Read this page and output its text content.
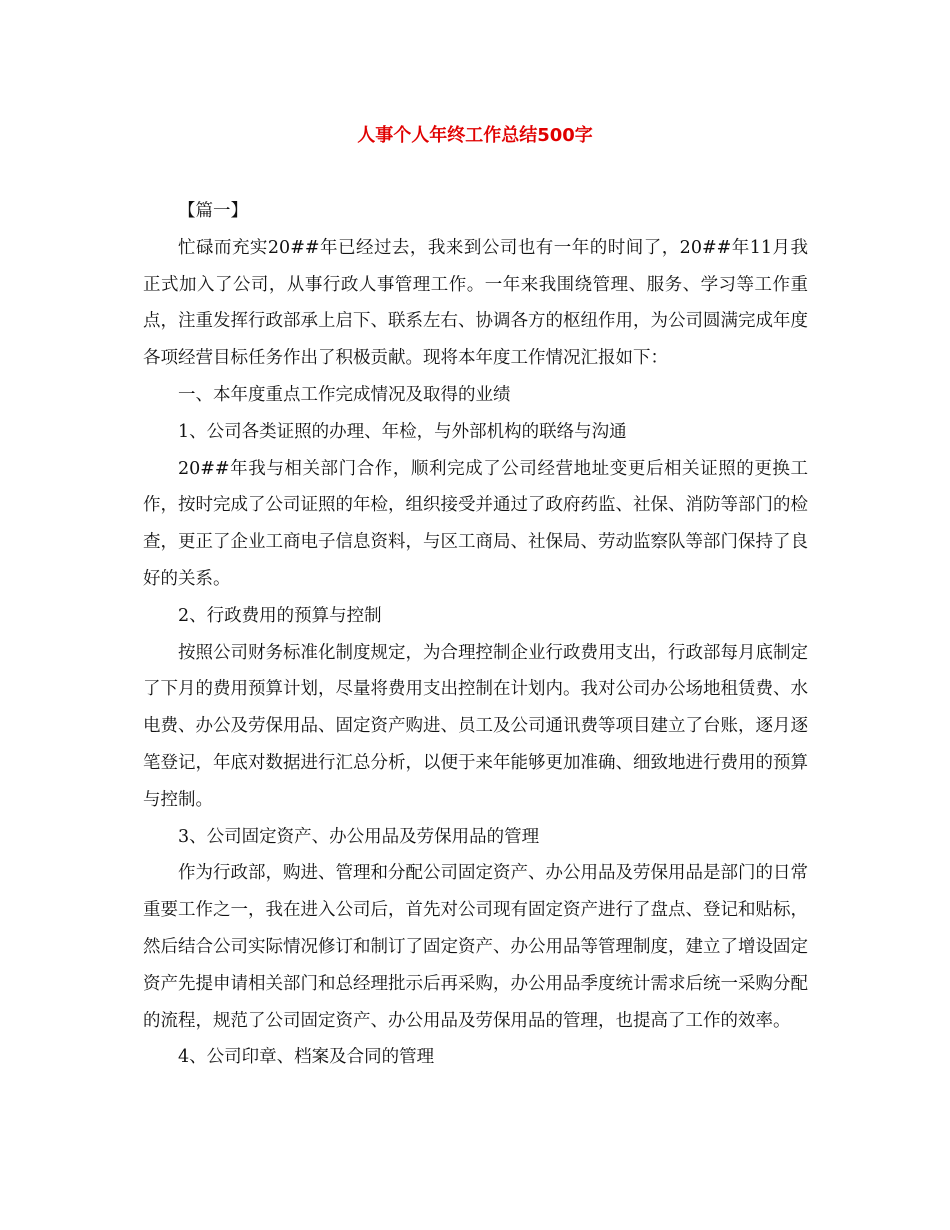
人事个人年终工作总结500字

【篇一】

忙碌而充实20##年已经过去，我来到公司也有一年的时间了，20##年11月我正式加入了公司，从事行政人事管理工作。一年来我围绕管理、服务、学习等工作重点，注重发挥行政部承上启下、联系左右、协调各方的枢纽作用，为公司圆满完成年度各项经营目标任务作出了积极贡献。现将本年度工作情况汇报如下：

一、本年度重点工作完成情况及取得的业绩

1、公司各类证照的办理、年检，与外部机构的联络与沟通

20##年我与相关部门合作，顺利完成了公司经营地址变更后相关证照的更换工作，按时完成了公司证照的年检，组织接受并通过了政府药监、社保、消防等部门的检查，更正了企业工商电子信息资料，与区工商局、社保局、劳动监察队等部门保持了良好的关系。

2、行政费用的预算与控制

按照公司财务标准化制度规定，为合理控制企业行政费用支出，行政部每月底制定了下月的费用预算计划，尽量将费用支出控制在计划内。我对公司办公场地租赁费、水电费、办公及劳保用品、固定资产购进、员工及公司通讯费等项目建立了台账，逐月逐笔登记，年底对数据进行汇总分析，以便于来年能够更加准确、细致地进行费用的预算与控制。

3、公司固定资产、办公用品及劳保用品的管理

作为行政部，购进、管理和分配公司固定资产、办公用品及劳保用品是部门的日常重要工作之一，我在进入公司后，首先对公司现有固定资产进行了盘点、登记和贴标，然后结合公司实际情况修订和制订了固定资产、办公用品等管理制度，建立了增设固定资产先提申请相关部门和总经理批示后再采购，办公用品季度统计需求后统一采购分配的流程，规范了公司固定资产、办公用品及劳保用品的管理，也提高了工作的效率。

4、公司印章、档案及合同的管理
